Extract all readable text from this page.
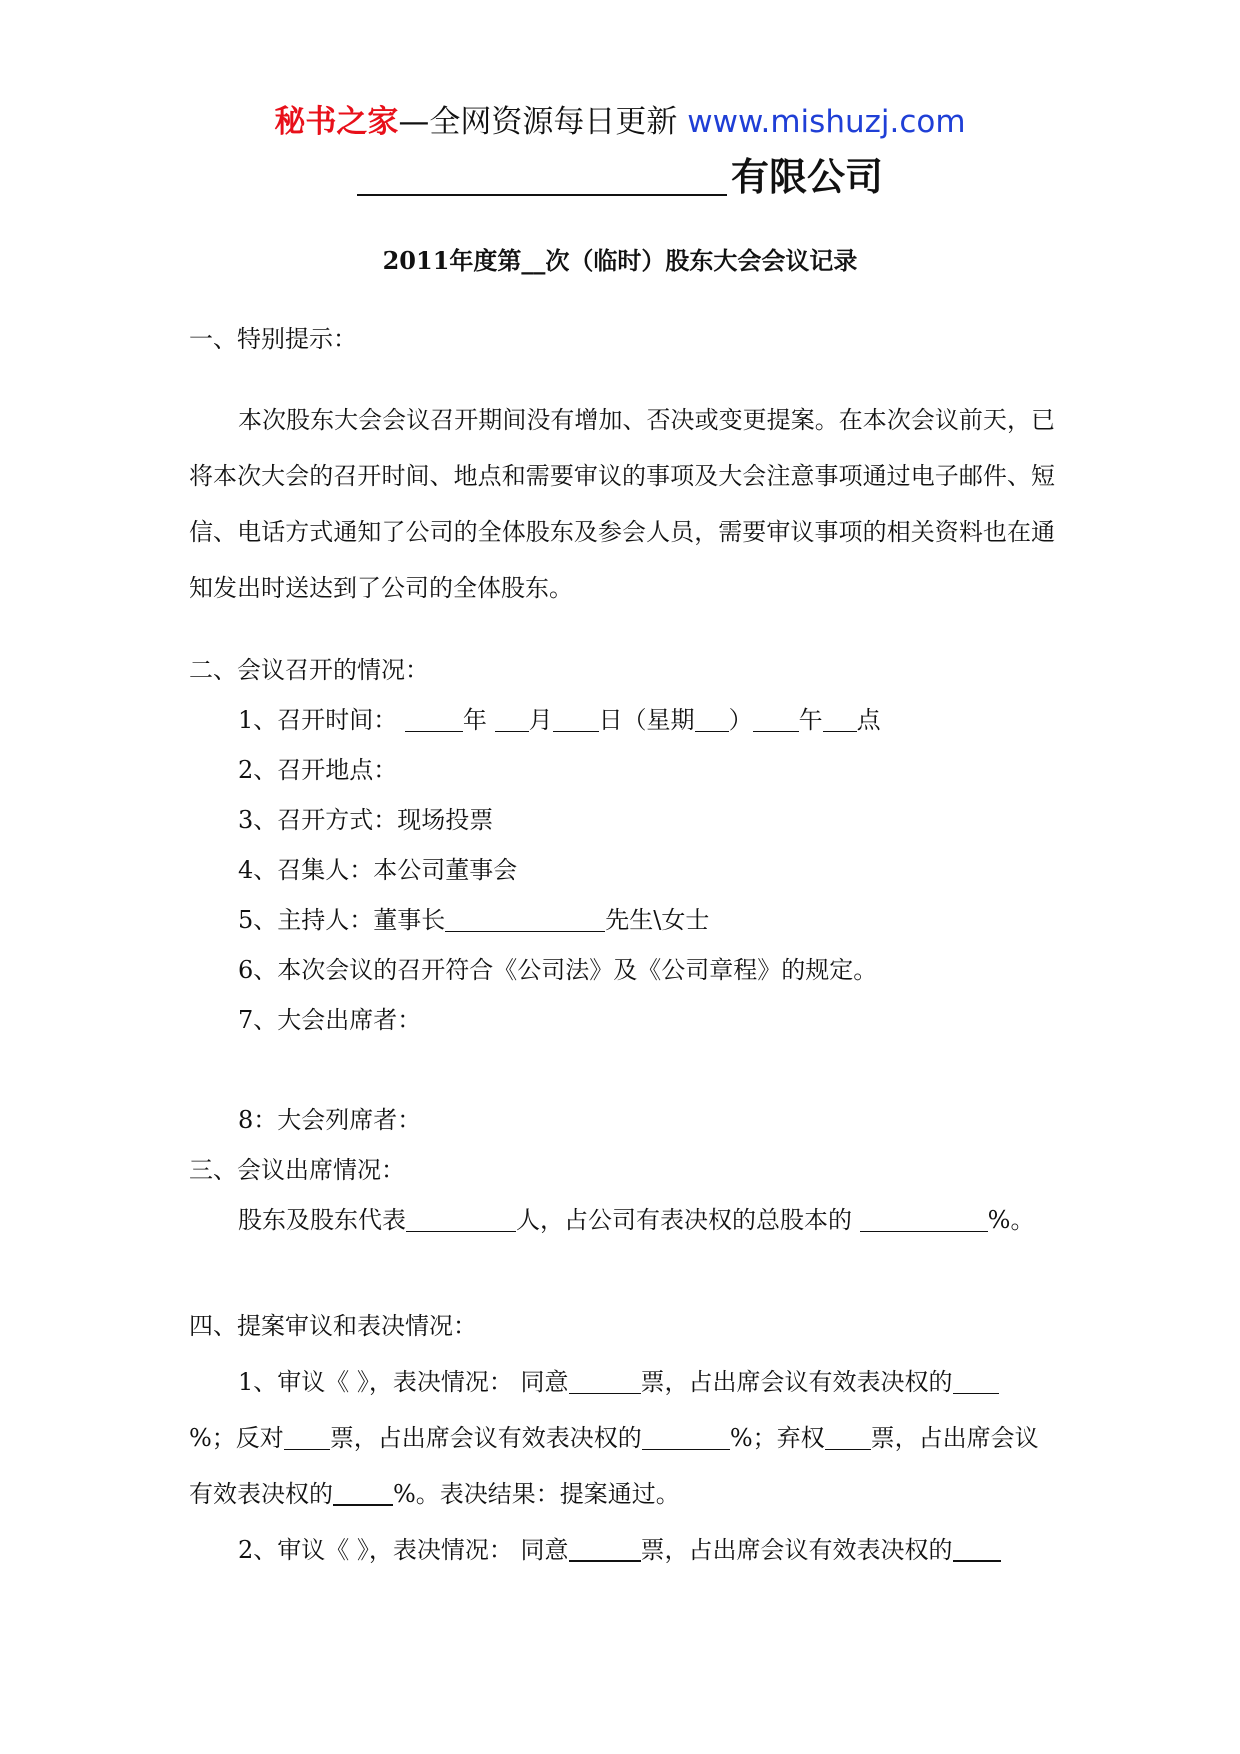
秘书之家—全网资源每日更新 www.mishuzj.com
有限公司
2011年度第__次（临时）股东大会会议记录
一、特别提示：

本次股东大会会议召开期间没有增加、否决或变更提案。在本次会议前天，已将本次大会的召开时间、地点和需要审议的事项及大会注意事项通过电子邮件、短信、电话方式通知了公司的全体股东及参会人员，需要审议事项的相关资料也在通知发出时送达到了公司的全体股东。

二、会议召开的情况：
1、召开时间：	年 月 日（星期 ） 午 点
2、召开地点：
3、召开方式：现场投票
4、召集人：本公司董事会
5、主持人：董事长	先生\女士
6、本次会议的召开符合《公司法》及《公司章程》的规定。
7、大会出席者：
8：大会列席者：
三、会议出席情况：
股东及股东代表	人，占公司有表决权的总股本的	%。
四、提案审议和表决情况：
1、审议《 》，表决情况： 同意	票，占出席会议有效表决权的
%；反对 票，占出席会议有效表决权的	%；弃权 票，占出席会议
有效表决权的	%。表决结果：提案通过。
2、审议《 》，表决情况： 同意	票，占出席会议有效表决权的
